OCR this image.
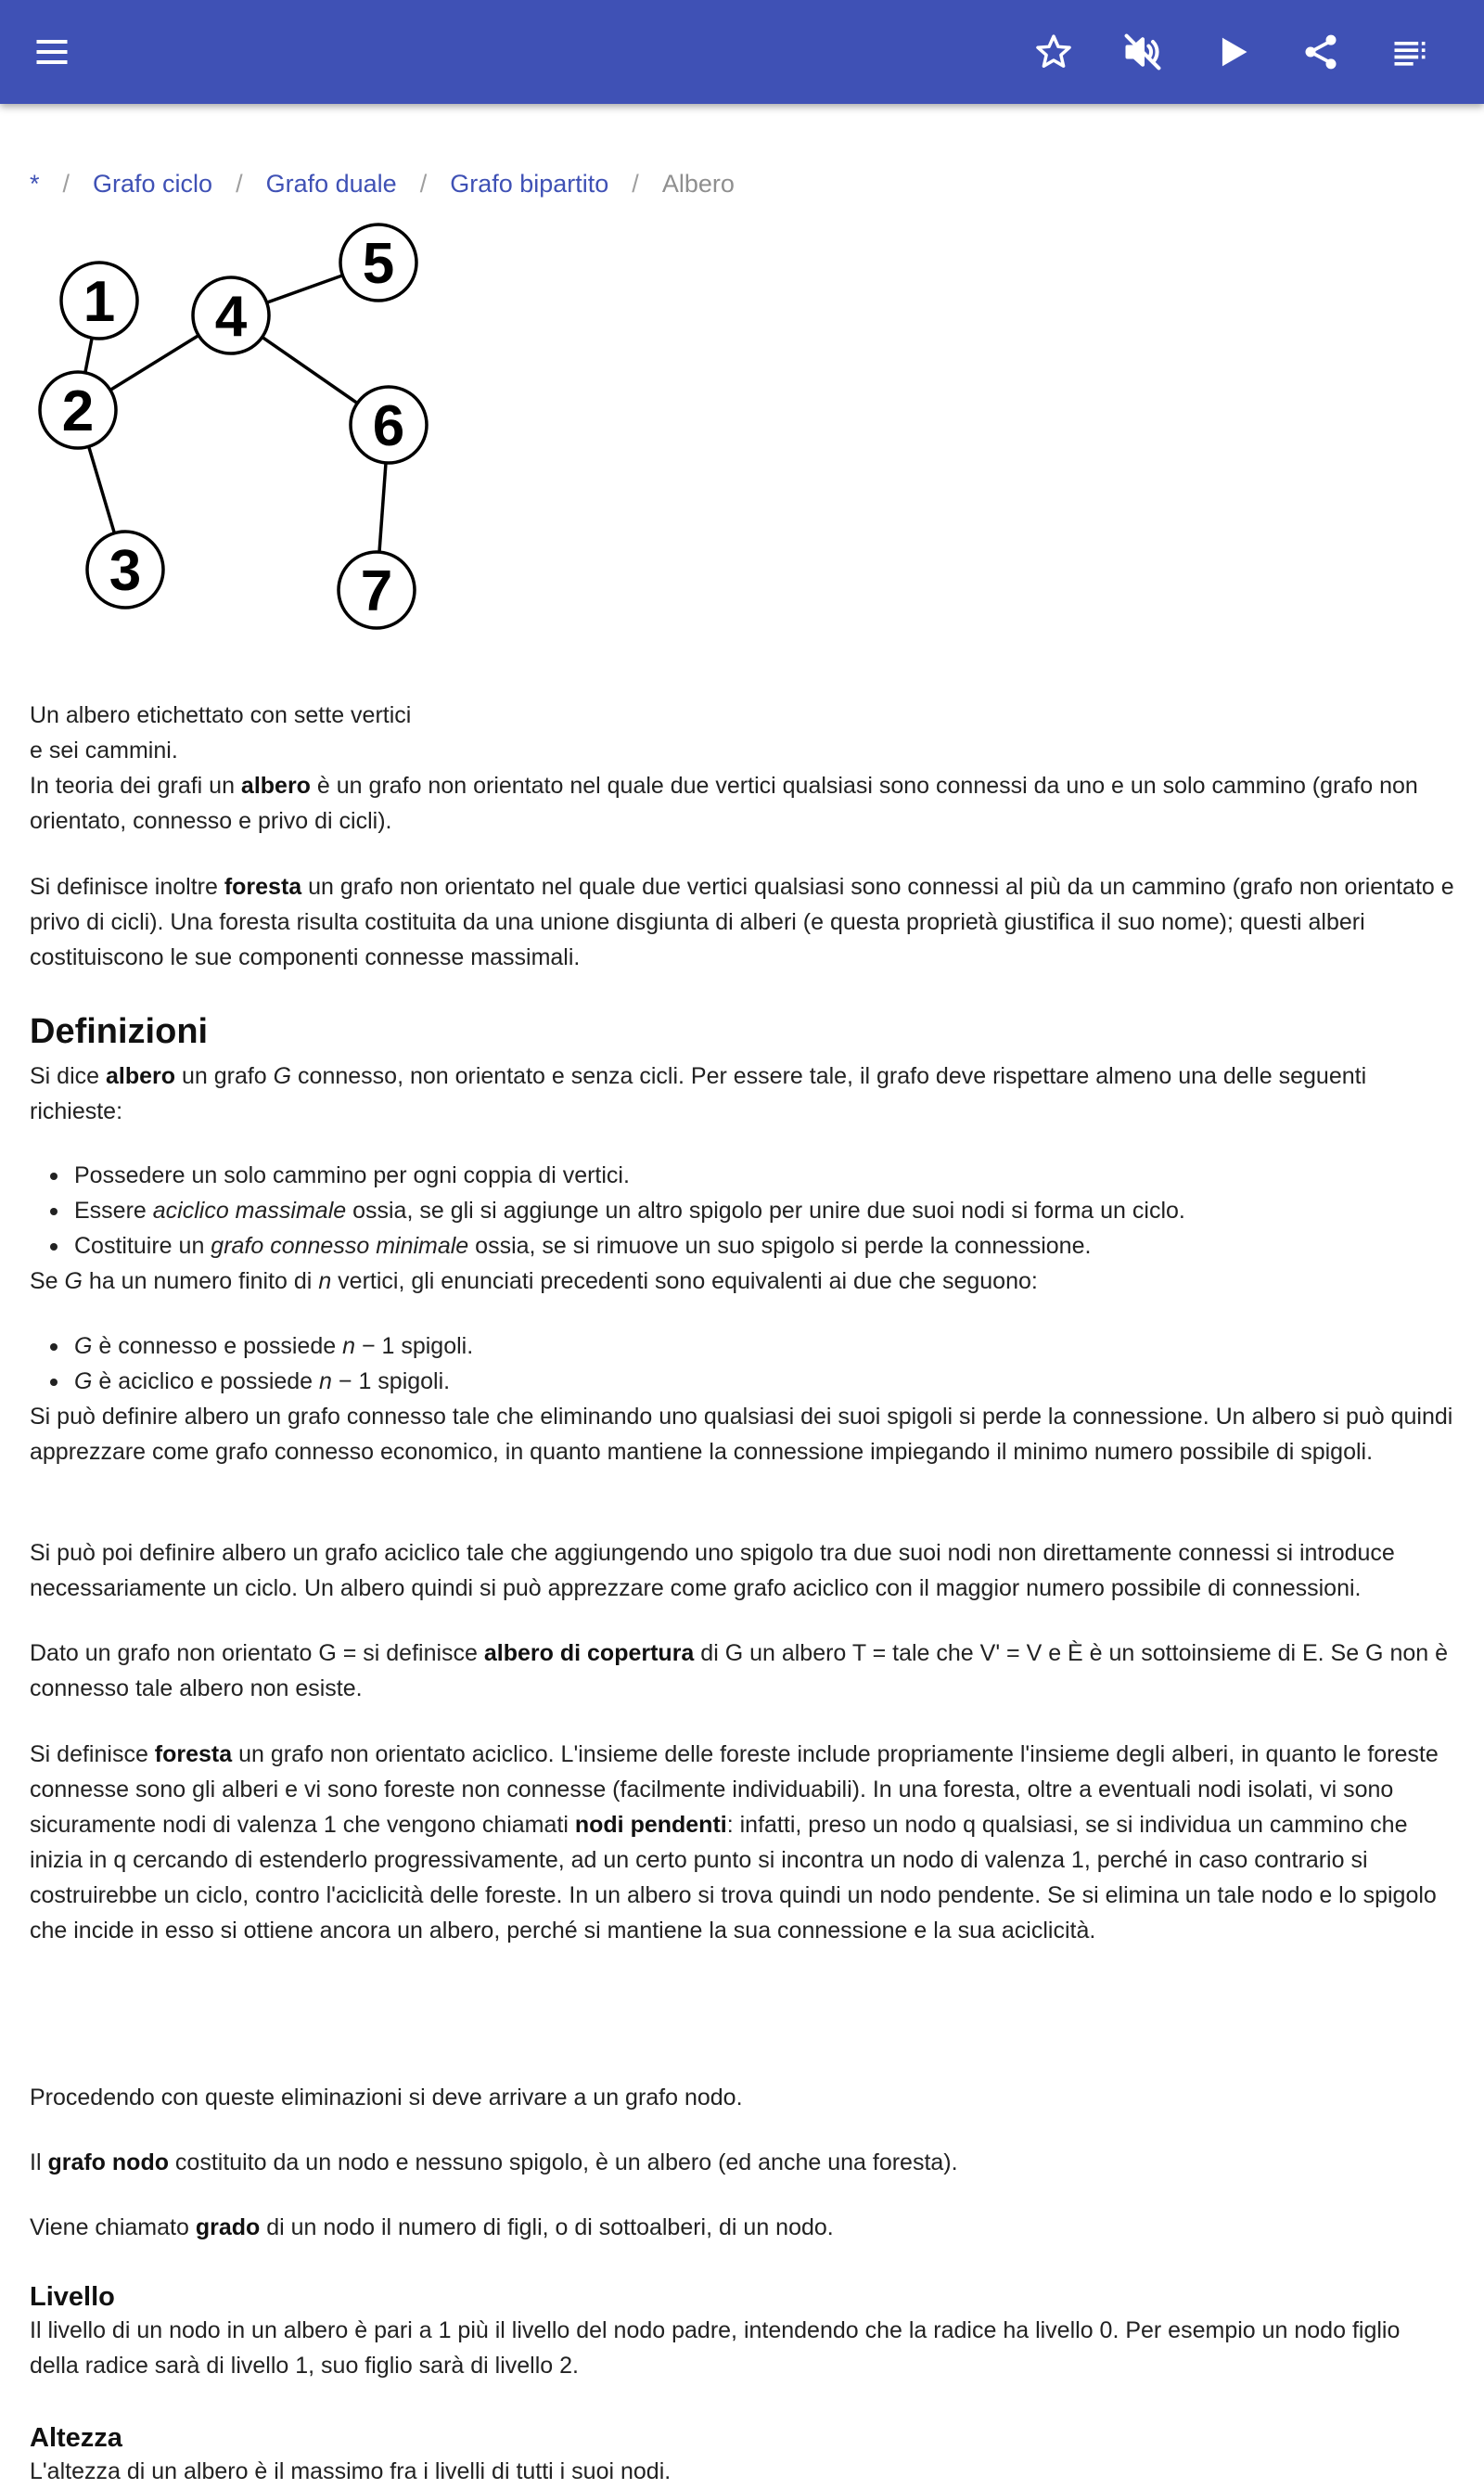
* / Grafo ciclo / Grafo duale / Grafo bipartito / Albero
1
5
4
2	6
3	7
Un albero etichettato con sette vertici
e sei cammini.

In teoria dei grafi un albero è un grafo non orientato nel quale due vertici qualsiasi sono connessi da uno e un solo cammino (grafo non orientato, connesso e privo di cicli).

Si definisce inoltre foresta un grafo non orientato nel quale due vertici qualsiasi sono connessi al più da un cammino (grafo non orientato e privo di cicli). Una foresta risulta costituita da una unione disgiunta di alberi (e questa proprietà giustifica il suo nome); questi alberi costituiscono le sue componenti connesse massimali.

Definizioni

Si dice albero un grafo G connesso, non orientato e senza cicli. Per essere tale, il grafo deve rispettare almeno una delle seguenti richieste:

Possedere un solo cammino per ogni coppia di vertici.
Essere aciclico massimale ossia, se gli si aggiunge un altro spigolo per unire due suoi nodi si forma un ciclo.
Costituire un grafo connesso minimale ossia, se si rimuove un suo spigolo si perde la connessione.

Se G ha un numero finito di n vertici, gli enunciati precedenti sono equivalenti ai due che seguono:

G è connesso e possiede n − 1 spigoli.
G è aciclico e possiede n − 1 spigoli.

Si può definire albero un grafo connesso tale che eliminando uno qualsiasi dei suoi spigoli si perde la connessione. Un albero si può quindi apprezzare come grafo connesso economico, in quanto mantiene la connessione impiegando il minimo numero possibile di spigoli.

Si può poi definire albero un grafo aciclico tale che aggiungendo uno spigolo tra due suoi nodi non direttamente connessi si introduce necessariamente un ciclo. Un albero quindi si può apprezzare come grafo aciclico con il maggior numero possibile di connessioni.

Dato un grafo non orientato G = si definisce albero di copertura di G un albero T = tale che V' = V e È è un sottoinsieme di E. Se G non è connesso tale albero non esiste.

Si definisce foresta un grafo non orientato aciclico. L'insieme delle foreste include propriamente l'insieme degli alberi, in quanto le foreste connesse sono gli alberi e vi sono foreste non connesse (facilmente individuabili). In una foresta, oltre a eventuali nodi isolati, vi sono sicuramente nodi di valenza 1 che vengono chiamati nodi pendenti: infatti, preso un nodo q qualsiasi, se si individua un cammino che inizia in q cercando di estenderlo progressivamente, ad un certo punto si incontra un nodo di valenza 1, perché in caso contrario si costruirebbe un ciclo, contro l'aciclicità delle foreste. In un albero si trova quindi un nodo pendente. Se si elimina un tale nodo e lo spigolo che incide in esso si ottiene ancora un albero, perché si mantiene la sua connessione e la sua aciclicità.

Procedendo con queste eliminazioni si deve arrivare a un grafo nodo.

Il grafo nodo costituito da un nodo e nessuno spigolo, è un albero (ed anche una foresta).

Viene chiamato grado di un nodo il numero di figli, o di sottoalberi, di un nodo.

Livello

Il livello di un nodo in un albero è pari a 1 più il livello del nodo padre, intendendo che la radice ha livello 0. Per esempio un nodo figlio della radice sarà di livello 1, suo figlio sarà di livello 2.

Altezza

L'altezza di un albero è il massimo fra i livelli di tutti i suoi nodi.
